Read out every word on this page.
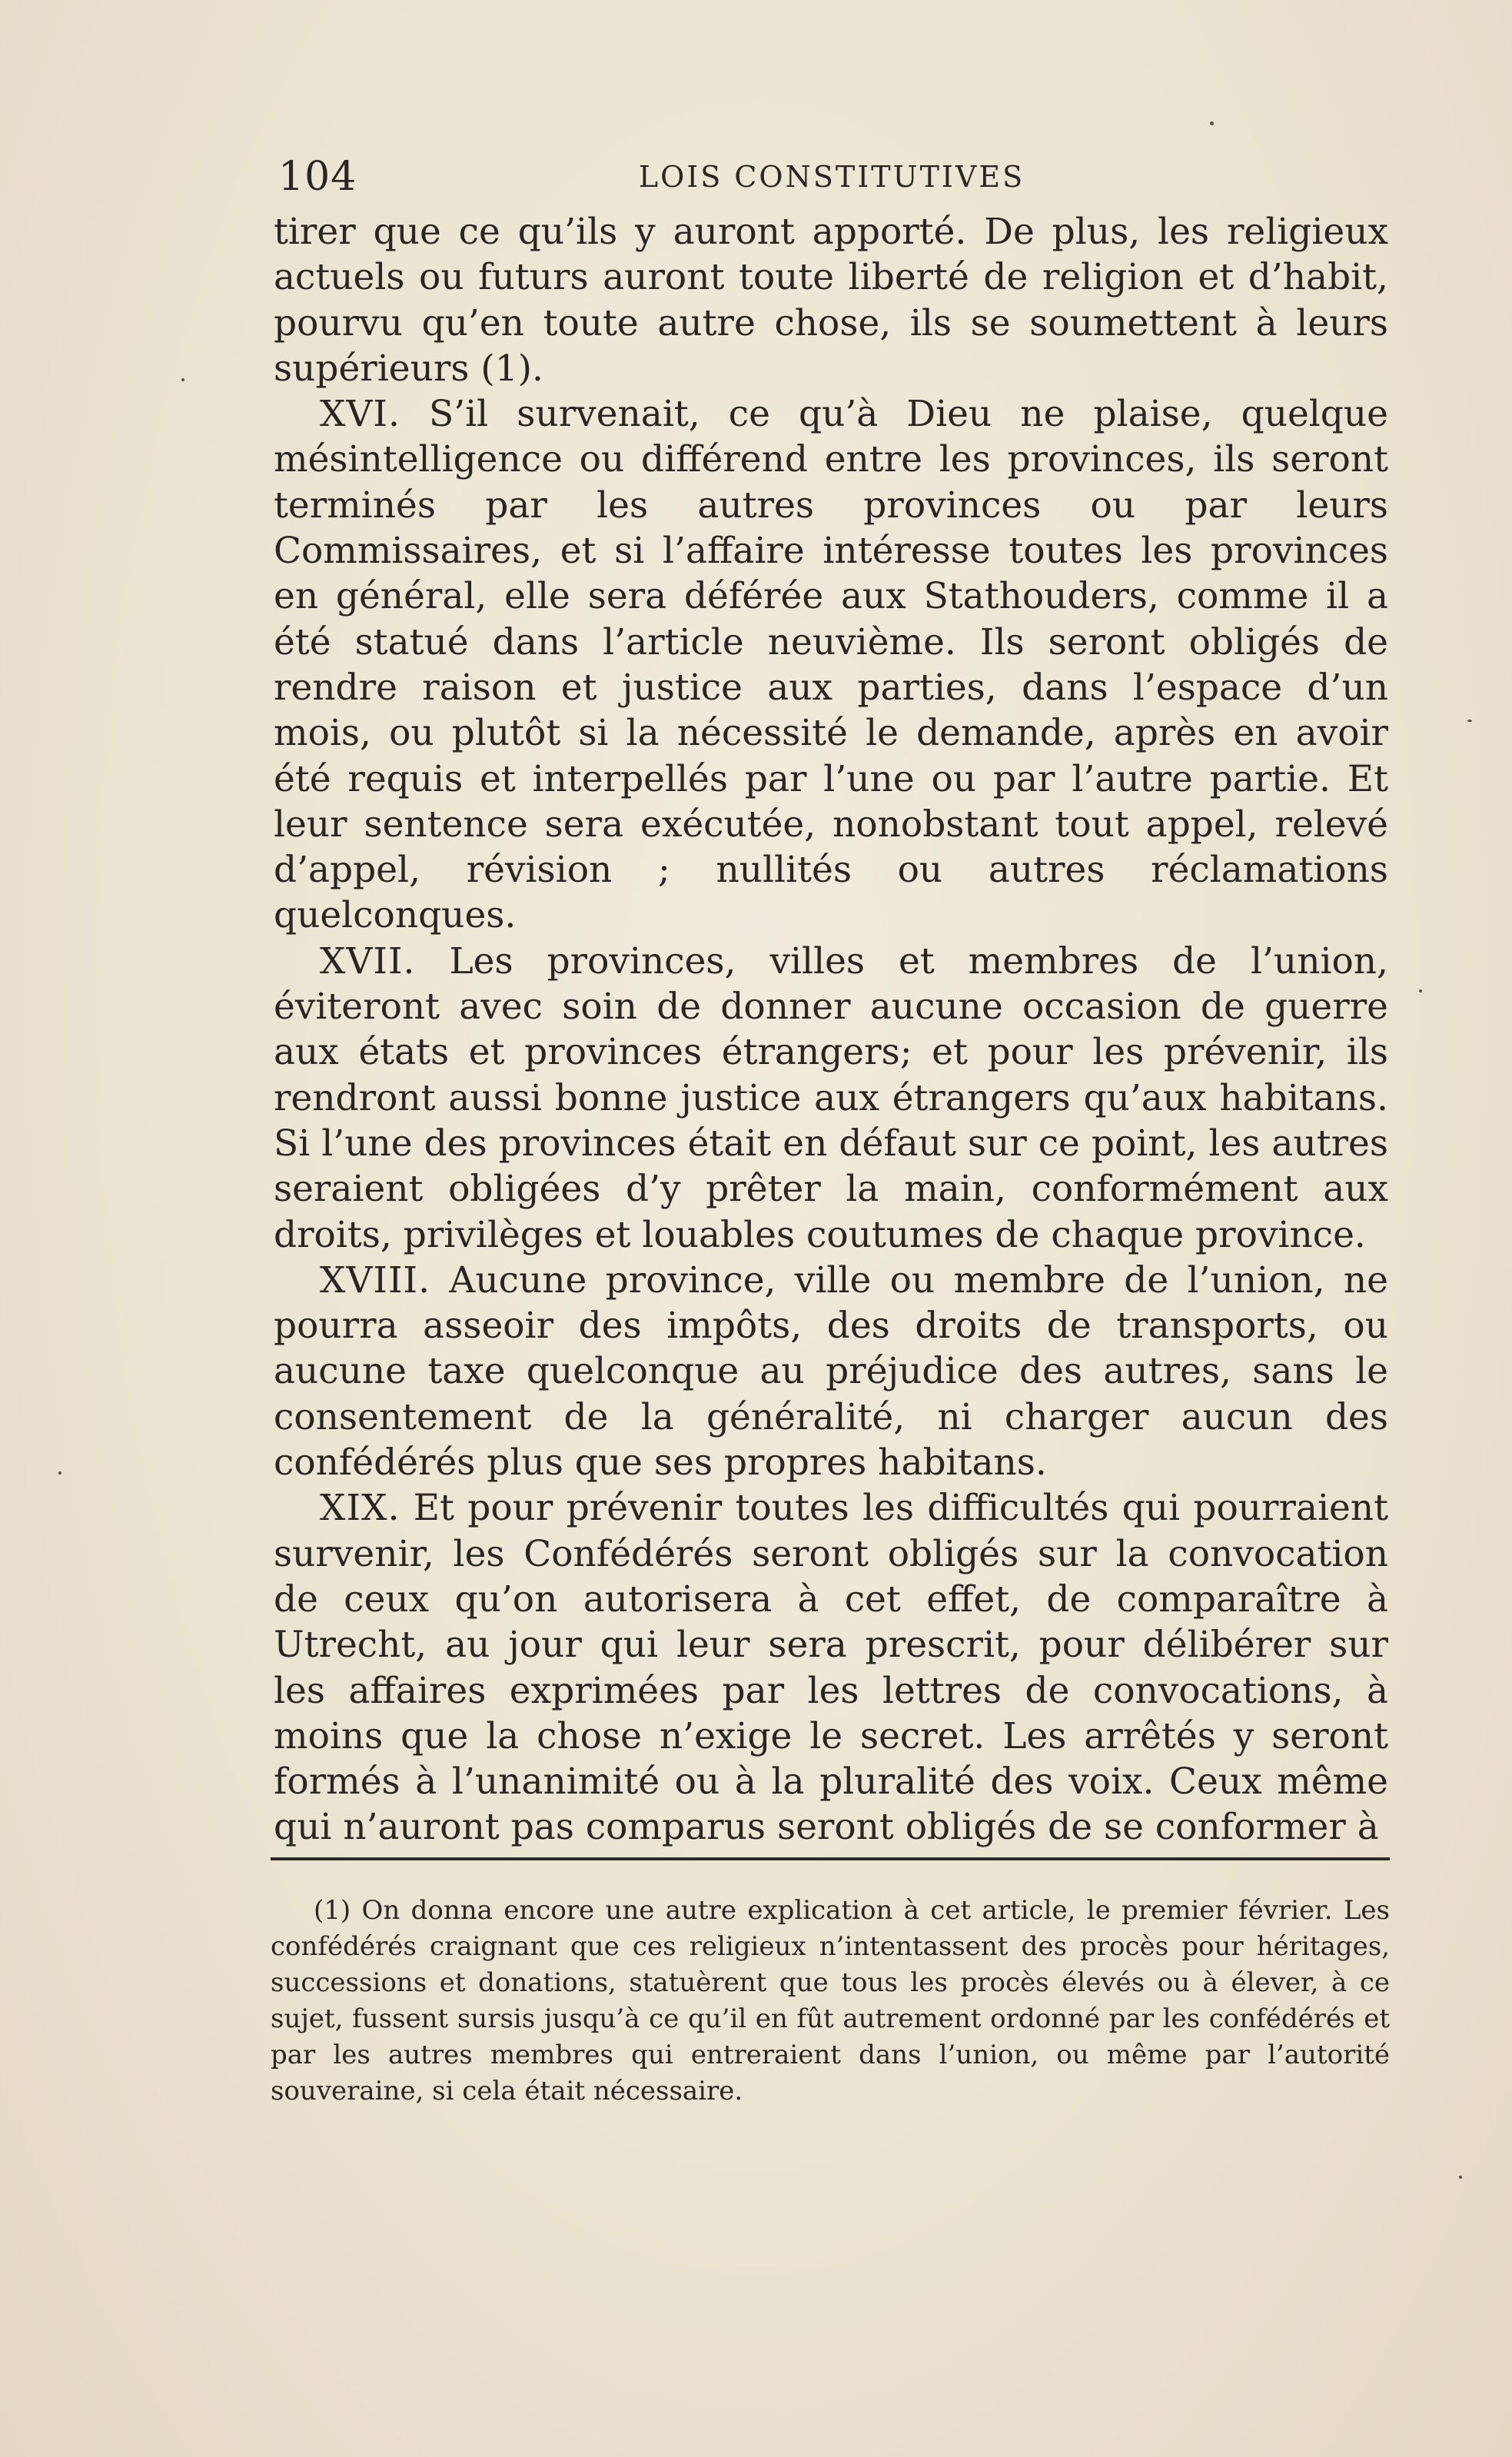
104	LOIS CONSTITUTIVES

tirer que ce qu’ils y auront apporté. De plus, les religieux actuels ou futurs auront toute liberté de religion et d’habit, pourvu qu’en toute autre chose, ils se soumettent à leurs supérieurs (1).

XVI. S’il survenait, ce qu’à Dieu ne plaise, quelque mésintelligence ou différend entre les provinces, ils seront terminés par les autres provinces ou par leurs Commissaires, et si l’affaire intéresse toutes les provinces en général, elle sera déférée aux Stathouders, comme il a été statué dans l’article neuvième. Ils seront obligés de rendre raison et justice aux parties, dans l’espace d’un mois, ou plutôt si la nécessité le demande, après en avoir été requis et interpellés par l’une ou par l’autre partie. Et leur sentence sera exécutée, nonobstant tout appel, relevé d’appel, révision ; nullités ou autres réclamations quelconques.

XVII. Les provinces, villes et membres de l’union, éviteront avec soin de donner aucune occasion de guerre aux états et provinces étrangers; et pour les prévenir, ils rendront aussi bonne justice aux étrangers qu’aux habitans. Si l’une des provinces était en défaut sur ce point, les autres seraient obligées d’y prêter la main, conformément aux droits, privilèges et louables coutumes de chaque province.

XVIII. Aucune province, ville ou membre de l’union, ne pourra asseoir des impôts, des droits de transports, ou aucune taxe quelconque au préjudice des autres, sans le consentement de la généralité, ni charger aucun des confédérés plus que ses propres habitans.

XIX. Et pour prévenir toutes les difficultés qui pourraient survenir, les Confédérés seront obligés sur la convocation de ceux qu’on autorisera à cet effet, de comparaître à Utrecht, au jour qui leur sera prescrit, pour délibérer sur les affaires exprimées par les lettres de convocations, à moins que la chose n’exige le secret. Les arrêtés y seront formés à l’unanimité ou à la pluralité des voix. Ceux même qui n’auront pas comparus seront obligés de se conformer à

(1) On donna encore une autre explication à cet article, le premier février. Les confédérés craignant que ces religieux n’intentassent des procès pour héritages, successions et donations, statuèrent que tous les procès élevés ou à élever, à ce sujet, fussent sursis jusqu’à ce qu’il en fût autrement ordonné par les confédérés et par les autres membres qui entreraient dans l’union, ou même par l’autorité souveraine, si cela était nécessaire.
